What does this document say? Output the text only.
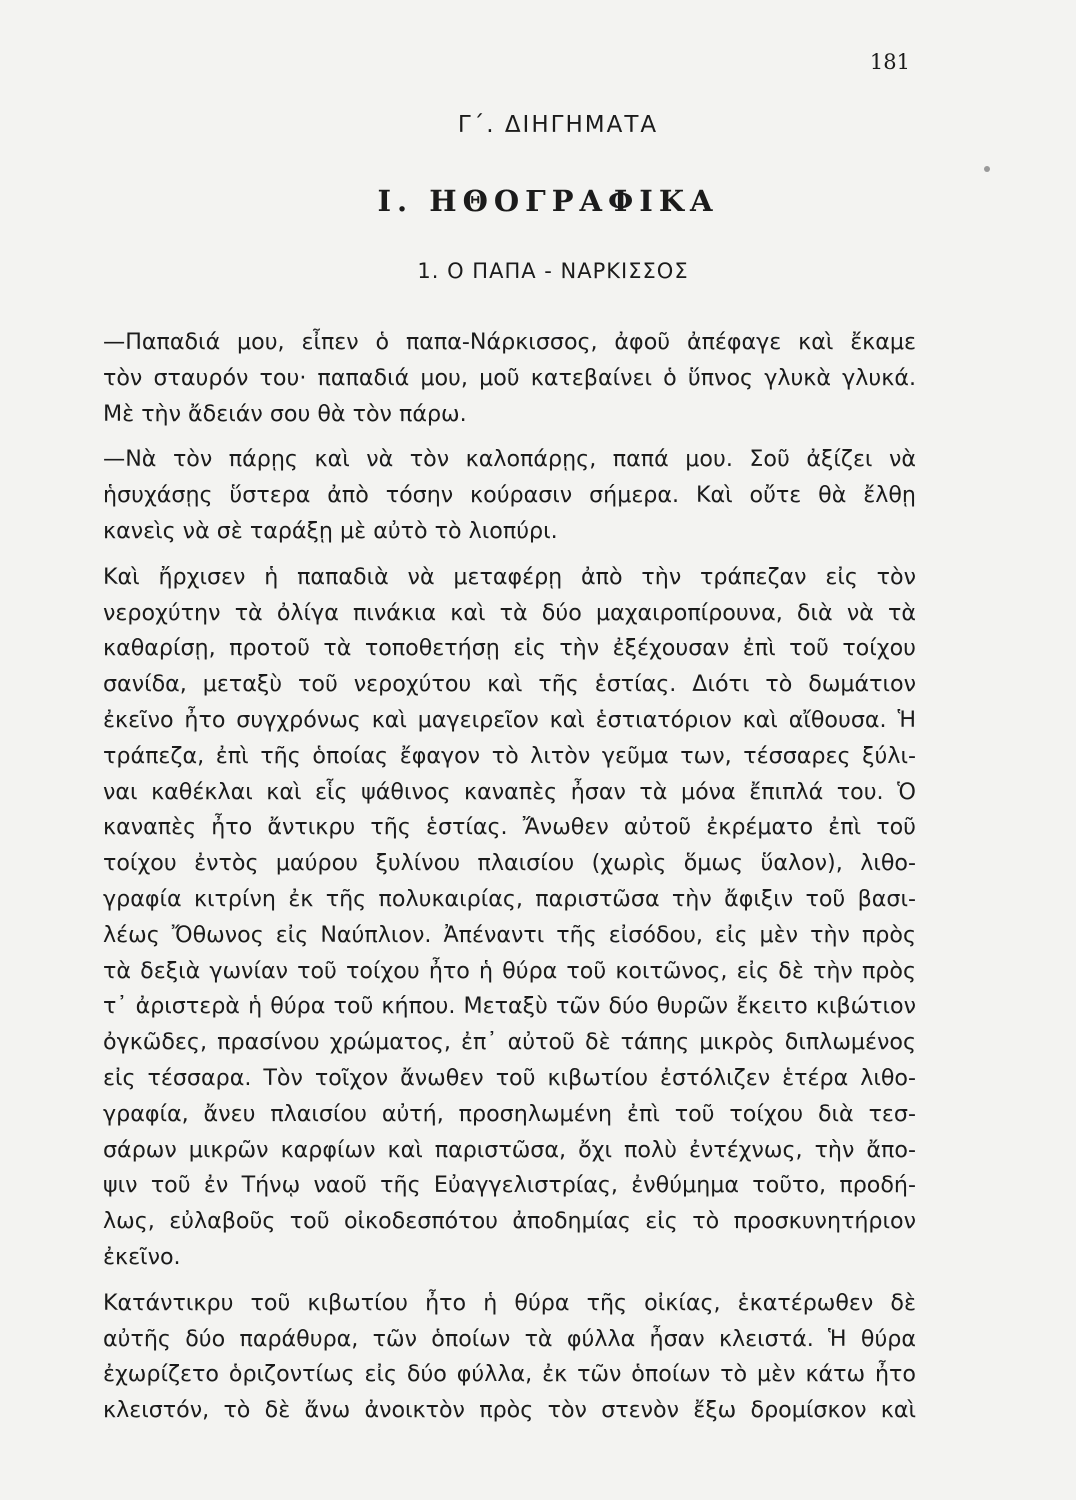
181
Γ΄. ΔΙΗΓΗΜΑΤΑ
Ι. ΗΘΟΓΡΑΦΙΚΑ
1. Ο ΠΑΠΑ - ΝΑΡΚΙΣΣΟΣ

—Παπαδιά μου, εἶπεν ὁ παπα-Νάρκισσος, ἀφοῦ ἀπέφαγε καὶ ἔκαμε
τὸν σταυρόν του· παπαδιά μου, μοῦ κατεβαίνει ὁ ὕπνος γλυκὰ γλυκά.
Μὲ τὴν ἄδειάν σου θὰ τὸν πάρω.

—Νὰ τὸν πάρῃς καὶ νὰ τὸν καλοπάρῃς, παπά μου. Σοῦ ἀξίζει νὰ
ἡσυχάσῃς ὕστερα ἀπὸ τόσην κούρασιν σήμερα. Καὶ οὔτε θὰ ἔλθῃ
κανεὶς νὰ σὲ ταράξῃ μὲ αὐτὸ τὸ λιοπύρι.

Καὶ ἤρχισεν ἡ παπαδιὰ νὰ μεταφέρῃ ἀπὸ τὴν τράπεζαν εἰς τὸν
νεροχύτην τὰ ὀλίγα πινάκια καὶ τὰ δύο μαχαιροπίρουνα, διὰ νὰ τὰ
καθαρίσῃ, προτοῦ τὰ τοποθετήσῃ εἰς τὴν ἐξέχουσαν ἐπὶ τοῦ τοίχου
σανίδα, μεταξὺ τοῦ νεροχύτου καὶ τῆς ἑστίας. Διότι τὸ δωμάτιον
ἐκεῖνο ἦτο συγχρόνως καὶ μαγειρεῖον καὶ ἑστιατόριον καὶ αἴθουσα. Ἡ
τράπεζα, ἐπὶ τῆς ὁποίας ἔφαγον τὸ λιτὸν γεῦμα των, τέσσαρες ξύλι-
ναι καθέκλαι καὶ εἷς ψάθινος καναπὲς ἦσαν τὰ μόνα ἔπιπλά του. Ὁ
καναπὲς ἦτο ἄντικρυ τῆς ἑστίας. Ἄνωθεν αὐτοῦ ἐκρέματο ἐπὶ τοῦ
τοίχου ἐντὸς μαύρου ξυλίνου πλαισίου (χωρὶς ὅμως ὕαλον), λιθο-
γραφία κιτρίνη ἐκ τῆς πολυκαιρίας, παριστῶσα τὴν ἄφιξιν τοῦ βασι-
λέως Ὄθωνος εἰς Ναύπλιον. Ἀπέναντι τῆς εἰσόδου, εἰς μὲν τὴν πρὸς
τὰ δεξιὰ γωνίαν τοῦ τοίχου ἦτο ἡ θύρα τοῦ κοιτῶνος, εἰς δὲ τὴν πρὸς
τ᾽ ἀριστερὰ ἡ θύρα τοῦ κήπου. Μεταξὺ τῶν δύο θυρῶν ἔκειτο κιβώτιον
ὀγκῶδες, πρασίνου χρώματος, ἐπ᾽ αὐτοῦ δὲ τάπης μικρὸς διπλωμένος
εἰς τέσσαρα. Τὸν τοῖχον ἄνωθεν τοῦ κιβωτίου ἐστόλιζεν ἑτέρα λιθο-
γραφία, ἄνευ πλαισίου αὐτή, προσηλωμένη ἐπὶ τοῦ τοίχου διὰ τεσ-
σάρων μικρῶν καρφίων καὶ παριστῶσα, ὄχι πολὺ ἐντέχνως, τὴν ἄπο-
ψιν τοῦ ἐν Τήνῳ ναοῦ τῆς Εὐαγγελιστρίας, ἐνθύμημα τοῦτο, προδή-
λως, εὐλαβοῦς τοῦ οἰκοδεσπότου ἀποδημίας εἰς τὸ προσκυνητήριον
ἐκεῖνο.

Κατάντικρυ τοῦ κιβωτίου ἦτο ἡ θύρα τῆς οἰκίας, ἑκατέρωθεν δὲ
αὐτῆς δύο παράθυρα, τῶν ὁποίων τὰ φύλλα ἦσαν κλειστά. Ἡ θύρα
ἐχωρίζετο ὁριζοντίως εἰς δύο φύλλα, ἐκ τῶν ὁποίων τὸ μὲν κάτω ἦτο
κλειστόν, τὸ δὲ ἄνω ἀνοικτὸν πρὸς τὸν στενὸν ἔξω δρομίσκον καὶ
